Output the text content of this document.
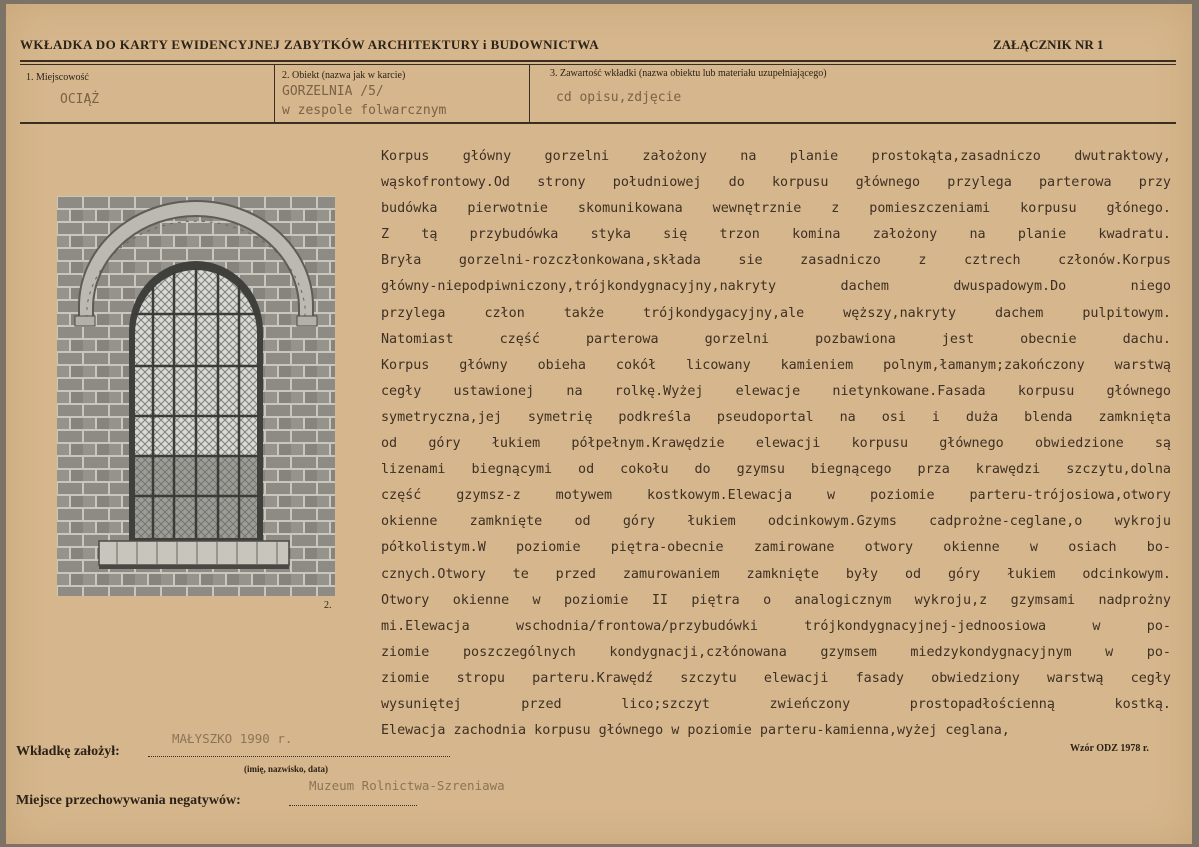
WKŁADKA DO KARTY EWIDENCYJNEJ ZABYTKÓW ARCHITEKTURY i BUDOWNICTWA	ZAŁĄCZNIK NR 1
1. Miejscowość
OCIĄŻ
2. Obiekt (nazwa jak w karcie)
GORZELNIA /5/
w zespole folwarcznym
3. Zawartość wkładki (nazwa obiektu lub materiału uzupełniającego)
cd opisu,zdjęcie
2.
Korpus główny gorzelni założony na planie prostokąta,zasadniczo dwutraktowy,
wąskofrontowy.Od strony południowej do korpusu głównego przylega parterowa przy
budówka pierwotnie skomunikowana wewnętrznie z pomieszczeniami korpusu głónego.
Z tą przybudówka styka się trzon komina założony na planie kwadratu.
Bryła gorzelni-rozczłonkowana,składa sie zasadniczo z cztrech członów.Korpus
główny-niepodpiwniczony,trójkondygnacyjny,nakryty dachem dwuspadowym.Do niego
przylega człon także trójkondygacyjny,ale węższy,nakryty dachem pulpitowym.
Natomiast część parterowa gorzelni pozbawiona jest obecnie dachu.
Korpus główny obieha cokół licowany kamieniem polnym,łamanym;zakończony warstwą
cegły ustawionej na rolkę.Wyżej elewacje nietynkowane.Fasada korpusu głównego
symetryczna,jej symetrię podkreśla pseudoportal na osi i duża blenda zamknięta
od góry łukiem półpełnym.Krawędzie elewacji korpusu głównego obwiedzione są
lizenami biegnącymi od cokołu do gzymsu biegnącego prza krawędzi szczytu,dolna
część gzymsz-z motywem kostkowym.Elewacja w poziomie parteru-trójosiowa,otwory
okienne zamknięte od góry łukiem odcinkowym.Gzyms cadprożne-ceglane,o wykroju
półkolistym.W poziomie piętra-obecnie zamirowane otwory okienne w osiach bo-
cznych.Otwory te przed zamurowaniem zamknięte były od góry łukiem odcinkowym.
Otwory okienne w poziomie II piętra o analogicznym wykroju,z gzymsami nadprożny
mi.Elewacja wschodnia/frontowa/przybudówki trójkondygnacyjnej-jednoosiowa w po-
ziomie poszczególnych kondygnacji,człónowana gzymsem miedzykondygnacyjnym w po-
ziomie stropu parteru.Krawędź szczytu elewacji fasady obwiedziony warstwą cegły
wysuniętej przed lico;szczyt zwieńczony prostopadłościenną kostką.
Elewacja zachodnia korpusu głównego w poziomie parteru-kamienna,wyżej ceglana,
Wkładkę założył:
MAŁYSZKO 1990 r.
(imię, nazwisko, data)
Wzór ODZ 1978 r.
Miejsce przechowywania negatywów:
Muzeum Rolnictwa-Szreniawa
